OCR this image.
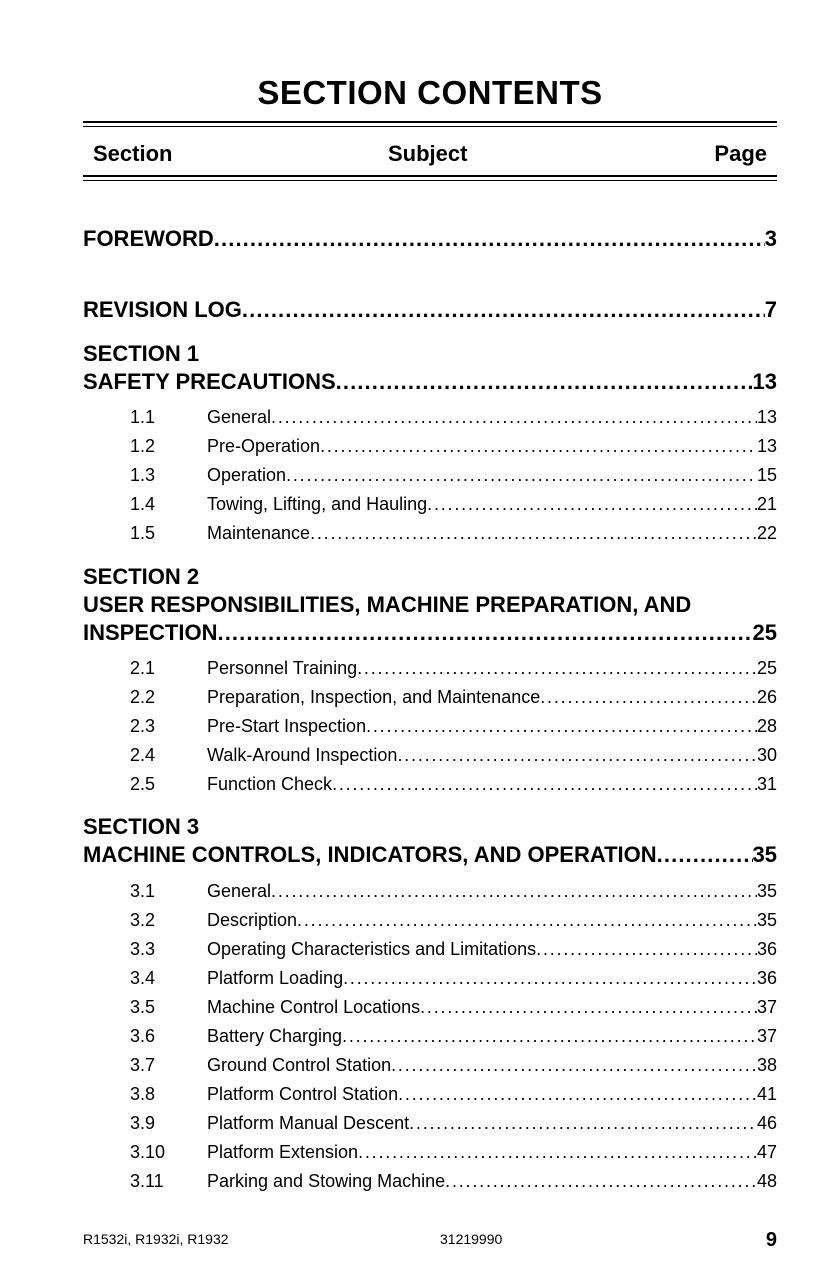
SECTION CONTENTS
Section	Subject	Page
FOREWORD . . .	3
REVISION LOG . . .	7
SECTION 1
SAFETY PRECAUTIONS . . .	13
1.1	General . . .	13
1.2	Pre-Operation . . .	13
1.3	Operation . . .	15
1.4	Towing, Lifting, and Hauling . . .	21
1.5	Maintenance . . .	22
SECTION 2
USER RESPONSIBILITIES, MACHINE PREPARATION, AND
INSPECTION . . .	25
2.1	Personnel Training . . .	25
2.2	Preparation, Inspection, and Maintenance . . .	26
2.3	Pre-Start Inspection . . .	28
2.4	Walk-Around Inspection . . .	30
2.5	Function Check . . .	31
SECTION 3
MACHINE CONTROLS, INDICATORS, AND OPERATION . . .	35
3.1	General . . .	35
3.2	Description . . .	35
3.3	Operating Characteristics and Limitations . . .	36
3.4	Platform Loading . . .	36
3.5	Machine Control Locations . . .	37
3.6	Battery Charging . . .	37
3.7	Ground Control Station . . .	38
3.8	Platform Control Station . . .	41
3.9	Platform Manual Descent . . .	46
3.10 Platform Extension . . .	47
3.11 Parking and Stowing Machine . . .	48
R1532i, R1932i, R1932	31219990	9
